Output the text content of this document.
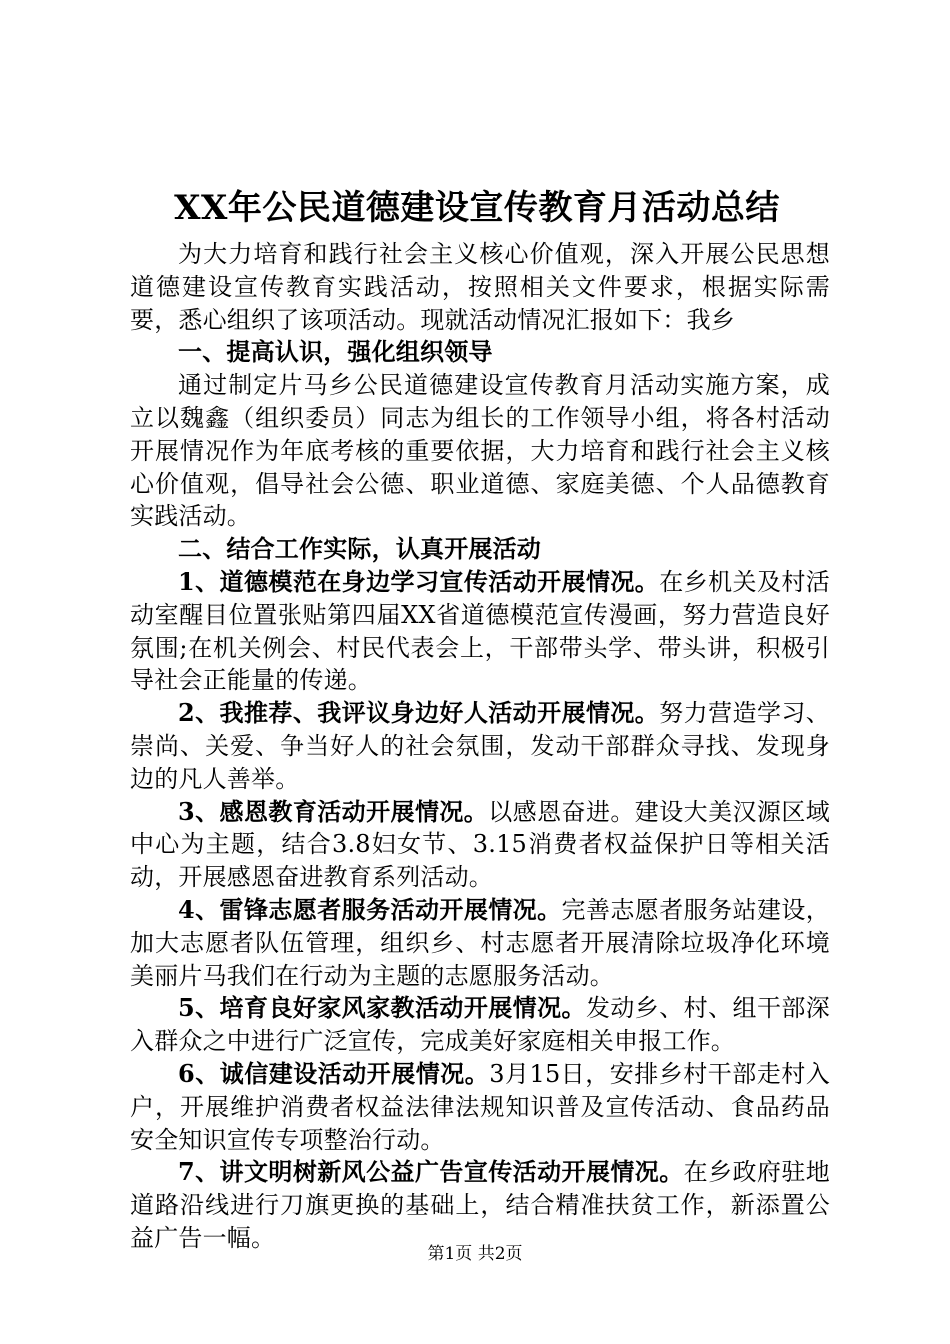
XX年公民道德建设宣传教育月活动总结

为大力培育和践行社会主义核心价值观，深入开展公民思想道德建设宣传教育实践活动，按照相关文件要求，根据实际需要，悉心组织了该项活动。现就活动情况汇报如下：我乡

一、提高认识，强化组织领导

通过制定片马乡公民道德建设宣传教育月活动实施方案，成立以魏鑫（组织委员）同志为组长的工作领导小组，将各村活动开展情况作为年底考核的重要依据，大力培育和践行社会主义核心价值观，倡导社会公德、职业道德、家庭美德、个人品德教育实践活动。

二、结合工作实际，认真开展活动

1、道德模范在身边学习宣传活动开展情况。在乡机关及村活动室醒目位置张贴第四届XX省道德模范宣传漫画，努力营造良好氛围;在机关例会、村民代表会上，干部带头学、带头讲，积极引导社会正能量的传递。

2、我推荐、我评议身边好人活动开展情况。努力营造学习、崇尚、关爱、争当好人的社会氛围，发动干部群众寻找、发现身边的凡人善举。

3、感恩教育活动开展情况。以感恩奋进。建设大美汉源区域中心为主题，结合3.8妇女节、3.15消费者权益保护日等相关活动，开展感恩奋进教育系列活动。

4、雷锋志愿者服务活动开展情况。完善志愿者服务站建设，加大志愿者队伍管理，组织乡、村志愿者开展清除垃圾净化环境美丽片马我们在行动为主题的志愿服务活动。

5、培育良好家风家教活动开展情况。发动乡、村、组干部深入群众之中进行广泛宣传，完成美好家庭相关申报工作。

6、诚信建设活动开展情况。3月15日，安排乡村干部走村入户，开展维护消费者权益法律法规知识普及宣传活动、食品药品安全知识宣传专项整治行动。

7、讲文明树新风公益广告宣传活动开展情况。在乡政府驻地道路沿线进行刀旗更换的基础上，结合精准扶贫工作，新添置公益广告一幅。

第1页 共2页
